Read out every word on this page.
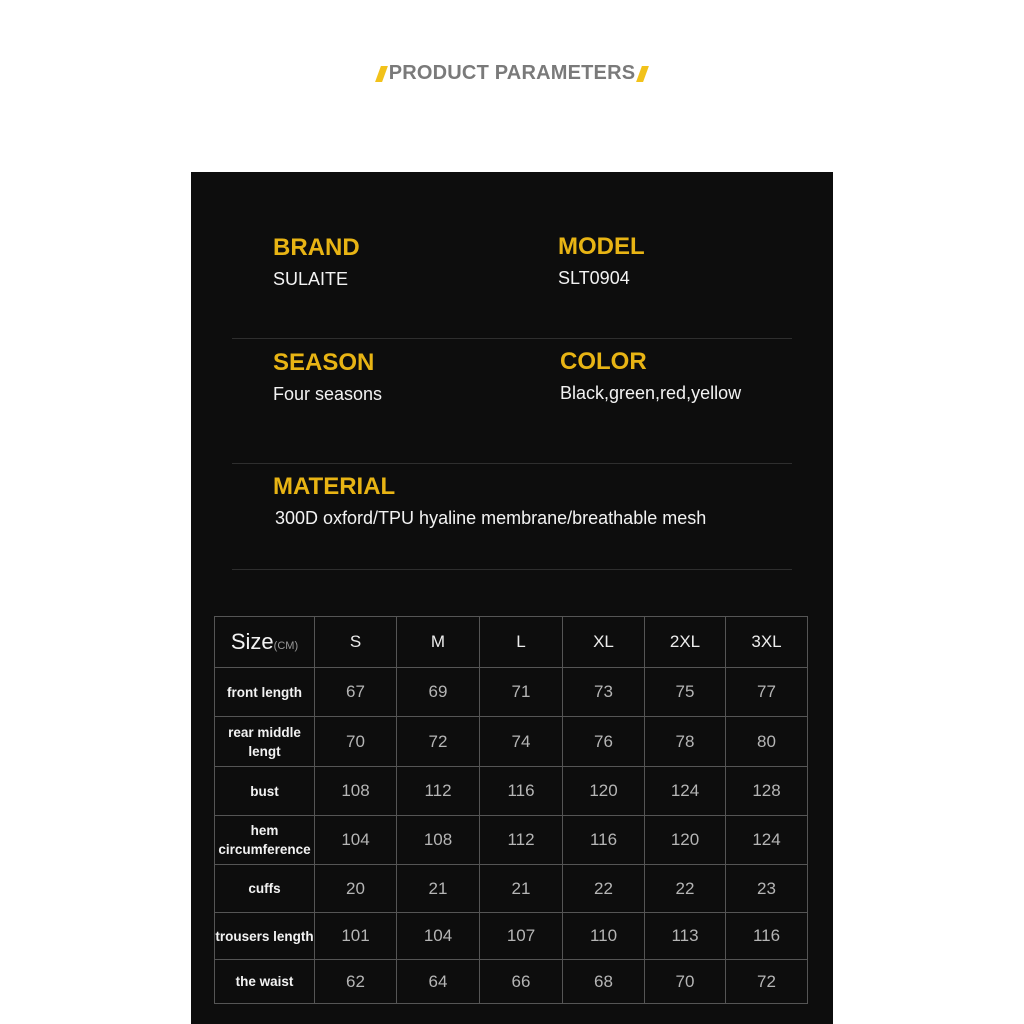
PRODUCT PARAMETERS
BRAND
SULAITE
MODEL
SLT0904
SEASON
Four seasons
COLOR
Black,green,red,yellow
MATERIAL
300D oxford/TPU hyaline membrane/breathable mesh
Size(CM)	S	M	L	XL	2XL	3XL
front length	67	69	71	73	75	77
rear middle lengt	70	72	74	76	78	80
bust	108	112	116	120	124	128
hem circumference	104	108	112	116	120	124
cuffs	20	21	21	22	22	23
trousers length	101	104	107	110	113	116
the waist	62	64	66	68	70	72
